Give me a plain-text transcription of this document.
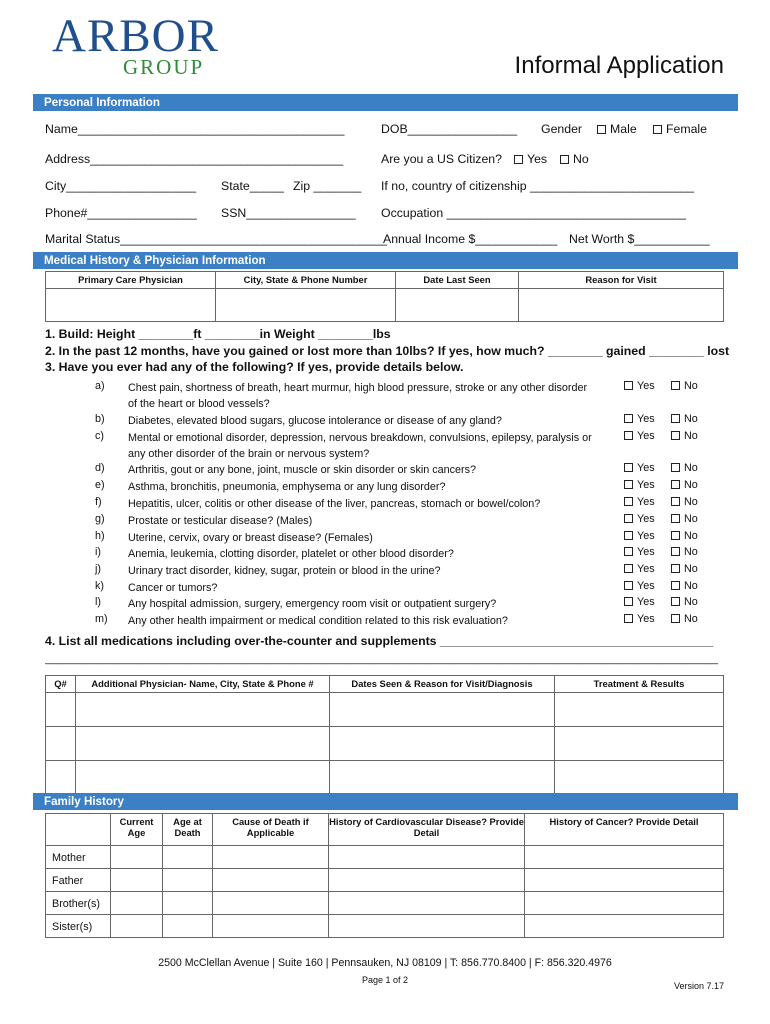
ARBOR
GROUP	Informal Application
Personal Information
Name_______________________________________	DOB________________ Gender	Male	Female
Address_____________________________________	Are you a US Citizen?	Yes	No
City___________________ State_____ Zip _______ If no, country of citizenship ________________________
Phone#________________ SSN________________ Occupation ___________________________________
Marital Status_______________________________________
Annual Income $____________ Net Worth $___________
Medical History & Physician Information
Primary Care Physician	City, State & Phone Number	Date Last Seen	Reason for Visit

1. Build: Height ________ft ________in Weight ________lbs
2. In the past 12 months, have you gained or lost more than 10lbs? If yes, how much? ________ gained ________ lost
3. Have you ever had any of the following? If yes, provide details below.
a) Chest pain, shortness of breath, heart murmur, high blood pressure, stroke or any other disorder of the heart or blood vessels?
Yes	No
b) Diabetes, elevated blood sugars, glucose intolerance or disease of any gland?	Yes	No
c) Mental or emotional disorder, depression, nervous breakdown, convulsions, epilepsy, paralysis or any other disorder of the brain or nervous system?
Yes	No
d) Arthritis, gout or any bone, joint, muscle or skin disorder or skin cancers?	Yes	No
e) Asthma, bronchitis, pneumonia, emphysema or any lung disorder?	Yes	No
f) Hepatitis, ulcer, colitis or other disease of the liver, pancreas, stomach or bowel/colon?	Yes	No
g) Prostate or testicular disease? (Males)	Yes	No
h) Uterine, cervix, ovary or breast disease? (Females)	Yes	No
i)	Anemia, leukemia, clotting disorder, platelet or other blood disorder?	Yes	No
j)	Urinary tract disorder, kidney, sugar, protein or blood in the urine?	Yes	No
k) Cancer or tumors?	Yes	No
l)	Any hospital admission, surgery, emergency room visit or outpatient surgery?	Yes	No
m) Any other health impairment or medical condition related to this risk evaluation?	Yes	No
4. List all medications including over-the-counter and supplements ________________________________________
______________________________________________________________________________________________________________
Q#	Additional Physician- Name, City, State & Phone #	Dates Seen & Reason for Visit/Diagnosis	Treatment & Results

Family History
	Current Age	Age at Death	Cause of Death if Applicable	History of Cardiovascular Disease? Provide Detail	History of Cancer? Provide Detail
Mother					
Father					
Brother(s)					
Sister(s)					
2500 McClellan Avenue | Suite 160 | Pennsauken, NJ 08109 | T: 856.770.8400 | F: 856.320.4976
Page 1 of 2
Version 7.17
